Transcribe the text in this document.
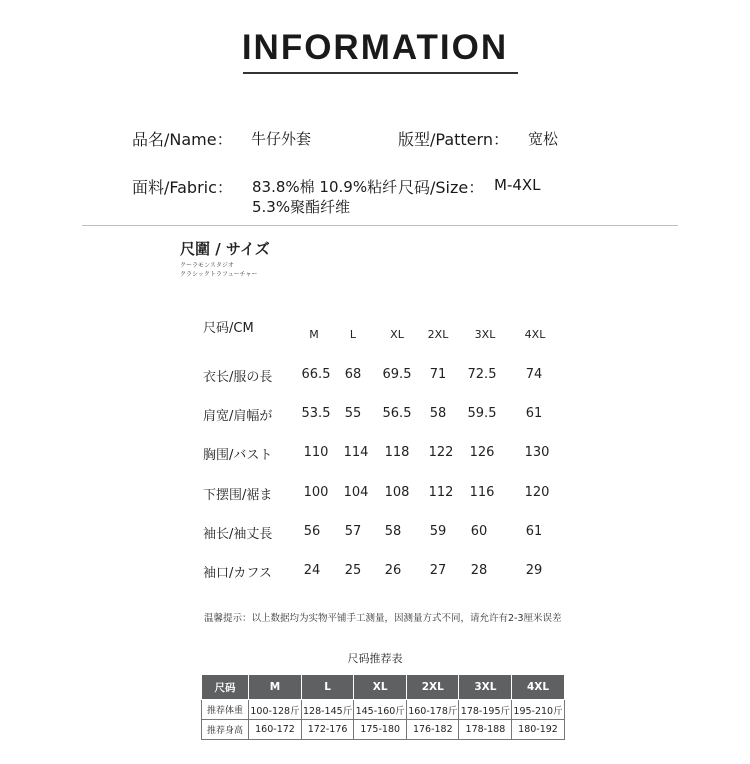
INFORMATION
品名/Name： 牛仔外套	版型/Pattern： 宽松
面料/Fabric： 83.8%棉 10.9%粘纤
5.3%聚酯纤维
尺码/Size： M-4XL
尺圍 / サイズ
クーラモンスタジオ
クラシックトラフューチャー
尺码/CM	M	L	XL	2XL	3XL	4XL
衣长/服の長	66.5	68	69.5	71	72.5	74
肩宽/肩幅が	53.5	55	56.5	58	59.5	61
胸围/バスト	110	114	118	122	126	130
下摆围/裾ま	100	104	108	112	116	120
袖长/袖丈長	56	57	58	59	60	61
袖口/カフス	24	25	26	27	28	29
温馨提示：以上数据均为实物平铺手工测量，因测量方式不同，请允许有2-3厘米误差
尺码推荐表
尺码	M	L	XL	2XL	3XL	4XL
推荐体重	100-128斤	128-145斤	145-160斤	160-178斤	178-195斤	195-210斤
推荐身高	160-172	172-176	175-180	176-182	178-188	180-192
